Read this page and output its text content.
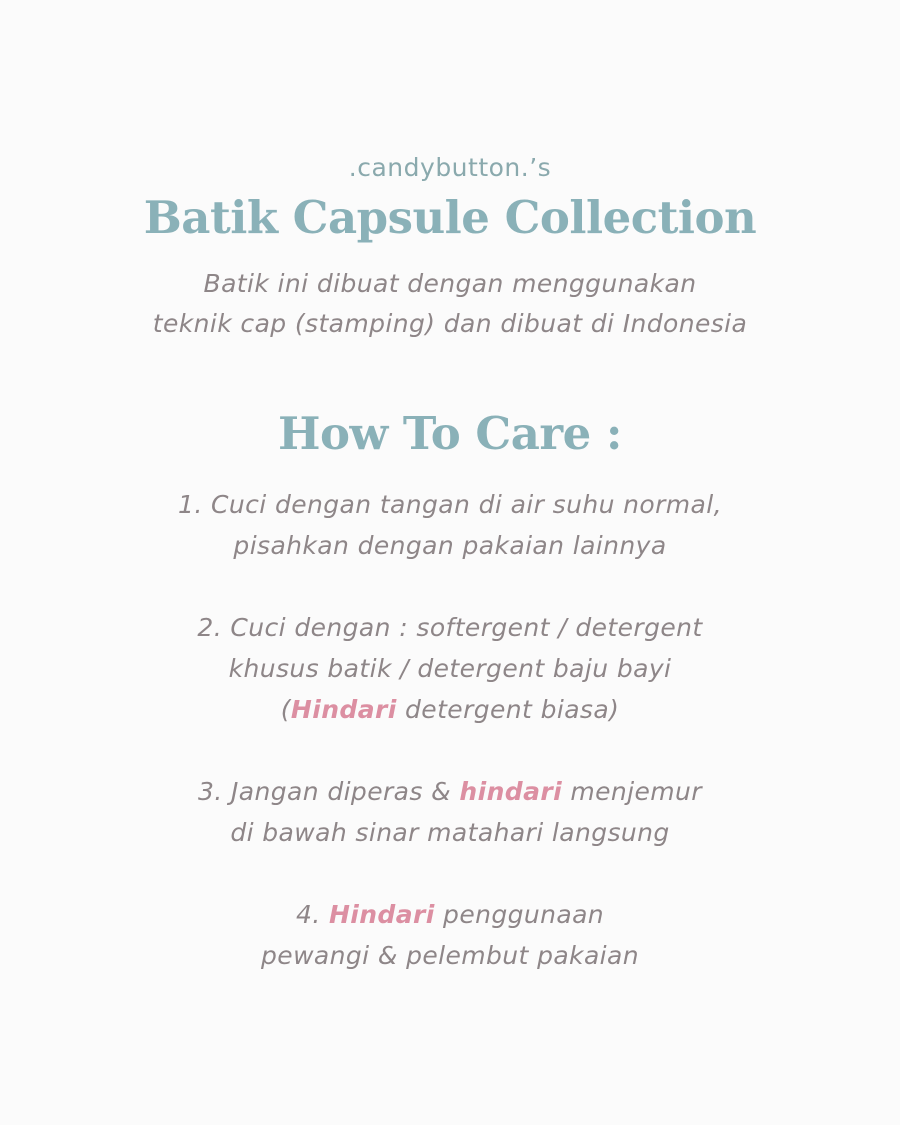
.candybutton.’s
Batik Capsule Collection
Batik ini dibuat dengan menggunakan
teknik cap (stamping) dan dibuat di Indonesia
How To Care :
1. Cuci dengan tangan di air suhu normal,
pisahkan dengan pakaian lainnya
2. Cuci dengan : softergent / detergent
khusus batik / detergent baju bayi
(Hindari detergent biasa)
3. Jangan diperas & hindari menjemur
di bawah sinar matahari langsung
4. Hindari penggunaan
pewangi & pelembut pakaian
